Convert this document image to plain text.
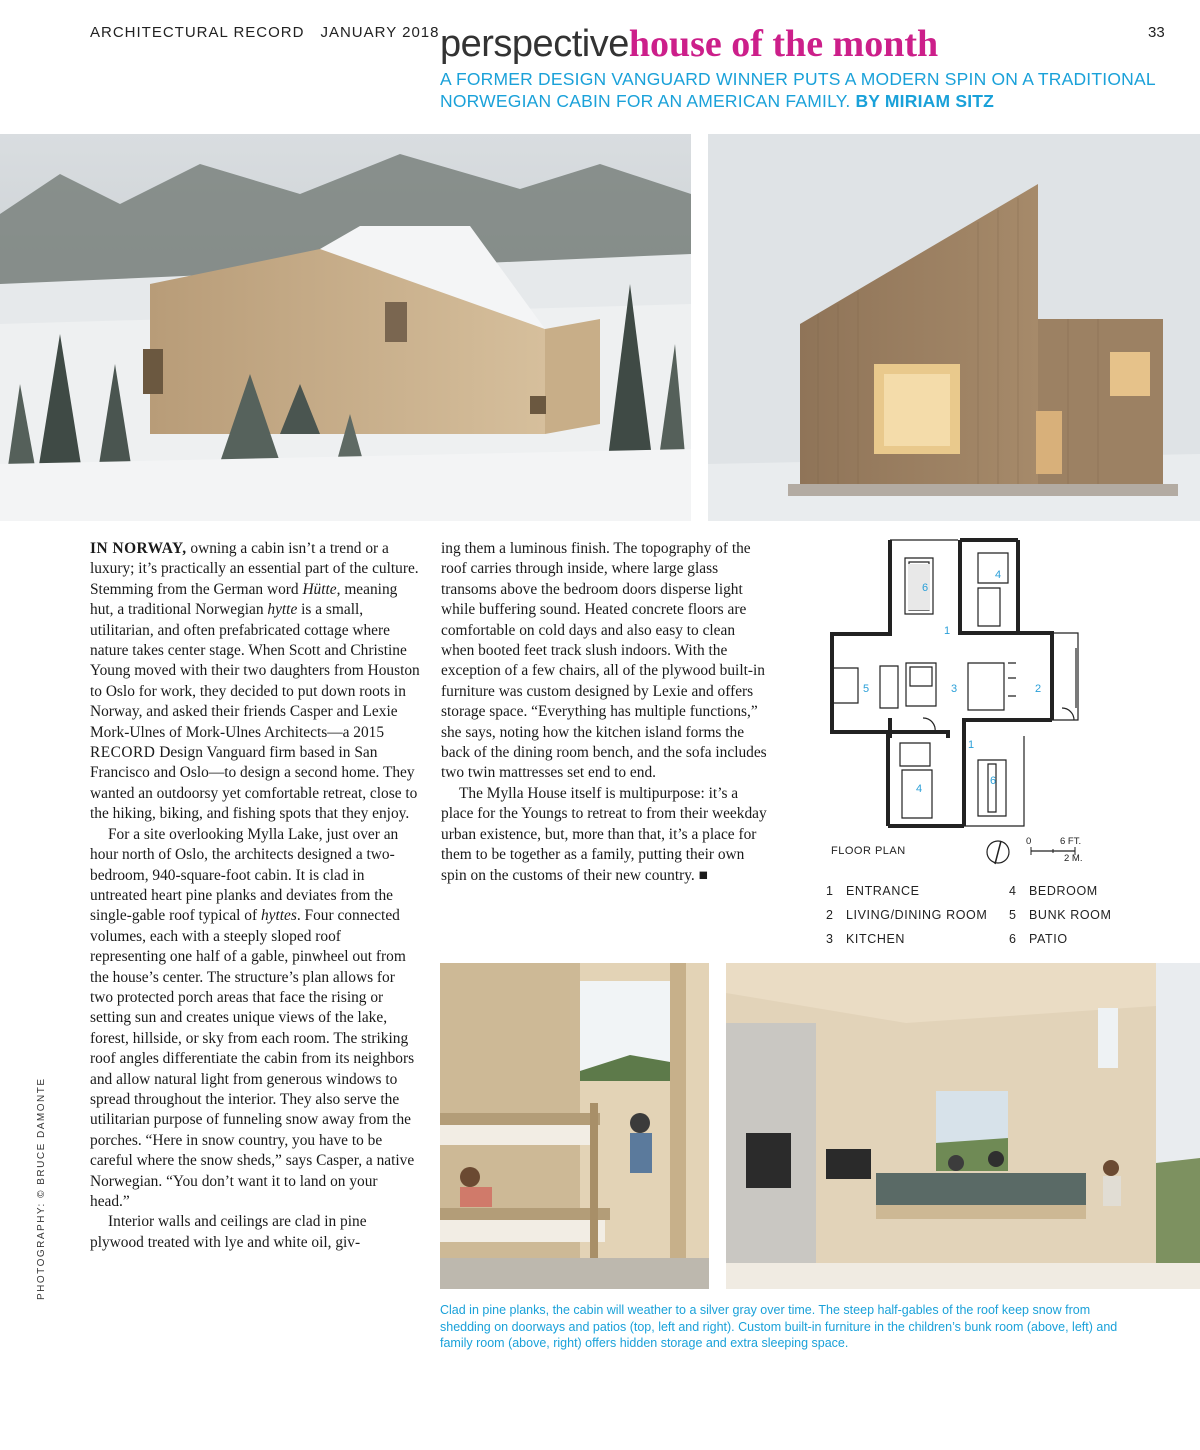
ARCHITECTURAL RECORD JANUARY 2018	33
perspectivehouse of the month
A FORMER DESIGN VANGUARD WINNER PUTS A MODERN SPIN ON A TRADITIONAL NORWEGIAN CABIN FOR AN AMERICAN FAMILY. BY MIRIAM SITZ

IN NORWAY, owning a cabin isn’t a trend or a luxury; it’s practically an essential part of the culture. Stemming from the German word Hütte, meaning hut, a traditional Norwegian hytte is a small, utilitarian, and often prefabricated cottage where nature takes center stage. When Scott and Christine Young moved with their two daughters from Houston to Oslo for work, they decided to put down roots in Norway, and asked their friends Casper and Lexie Mork-Ulnes of Mork-Ulnes Architects—a 2015 RECORD Design Vanguard firm based in San Francisco and Oslo—to design a second home. They wanted an outdoorsy yet comfortable retreat, close to the hiking, biking, and fishing spots that they enjoy.

For a site overlooking Mylla Lake, just over an hour north of Oslo, the architects designed a two-bedroom, 940-square-foot cabin. It is clad in untreated heart pine planks and deviates from the single-gable roof typical of hyttes. Four connected volumes, each with a steeply sloped roof representing one half of a gable, pinwheel out from the house’s center. The structure’s plan allows for two protected porch areas that face the rising or setting sun and creates unique views of the lake, forest, hillside, or sky from each room. The striking roof angles differentiate the cabin from its neighbors and allow natural light from generous windows to spread throughout the interior. They also serve the utilitarian purpose of funneling snow away from the porches. “Here in snow country, you have to be careful where the snow sheds,” says Casper, a native Norwegian. “You don’t want it to land on your head.”

Interior walls and ceilings are clad in pine plywood treated with lye and white oil, giv-

ing them a luminous finish. The topography of the roof carries through inside, where large glass transoms above the bedroom doors disperse light while buffering sound. Heated concrete floors are comfortable on cold days and also easy to clean when booted feet track slush indoors. With the exception of a few chairs, all of the plywood built-in furniture was custom designed by Lexie and offers storage space. “Everything has multiple functions,” she says, noting how the kitchen island forms the back of the dining room bench, and the sofa includes two twin mattresses set end to end.

The Mylla House itself is multipurpose: it’s a place for the Youngs to retreat to from their weekday urban existence, but, more than that, it’s a place for them to be together as a family, putting their own spin on the customs of their new country. ■

PHOTOGRAPHY: © BRUCE DAMONTE
6
4
1
5	3	2
1
4
6
FLOOR PLAN
0	6 FT.
2 M.
1 ENTRANCE
2 LIVING/DINING ROOM
3 KITCHEN
4 BEDROOM
5 BUNK ROOM
6 PATIO
Clad in pine planks, the cabin will weather to a silver gray over time. The steep half-gables of the roof keep snow from shedding on doorways and patios (top, left and right). Custom built-in furniture in the children’s bunk room (above, left) and family room (above, right) offers hidden storage and extra sleeping space.
